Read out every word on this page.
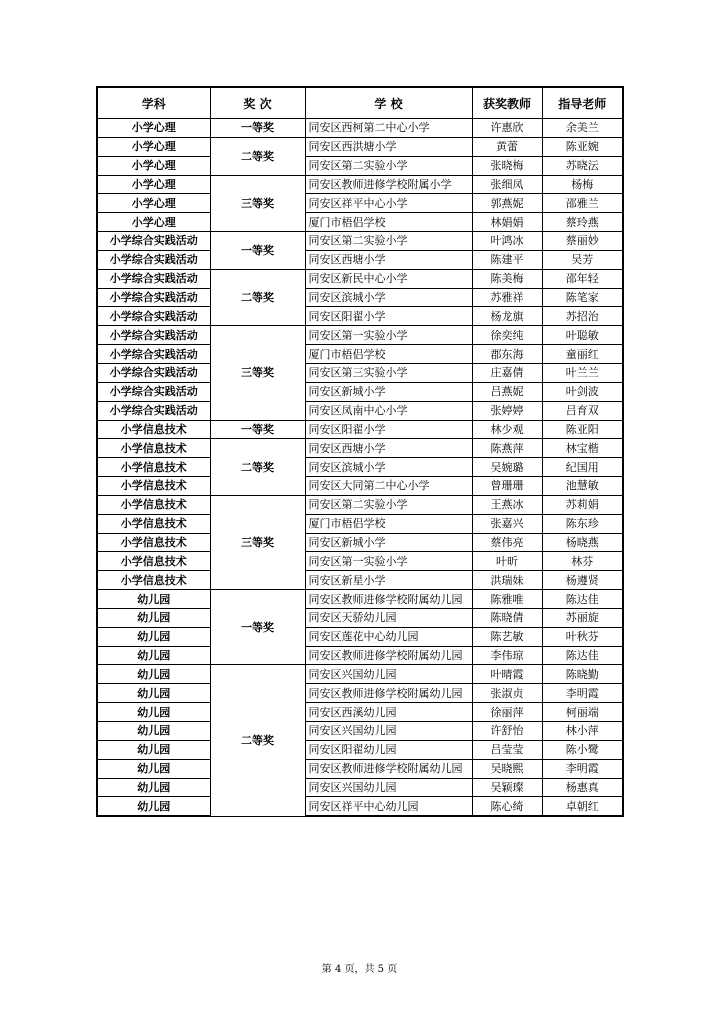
学科	奖 次	学 校	获奖教师	指导老师
小学心理	一等奖	同安区西柯第二中心小学	许惠欣	余美兰
小学心理	二等奖	同安区西洪塘小学	黄蕾	陈亚婉
小学心理		同安区第二实验小学	张晓梅	苏晓沄
小学心理	三等奖	同安区教师进修学校附属小学	张细凤	杨梅
小学心理		同安区祥平中心小学	郭燕妮	邵雅兰
小学心理		厦门市梧侣学校	林娟娟	蔡玲燕
小学综合实践活动	一等奖	同安区第二实验小学	叶鸿冰	蔡丽妙
小学综合实践活动		同安区西塘小学	陈建平	吴芳
小学综合实践活动	二等奖	同安区新民中心小学	陈美梅	邵年轻
小学综合实践活动		同安区滨城小学	苏雅祥	陈笔家
小学综合实践活动		同安区阳翟小学	杨龙旗	苏招治
小学综合实践活动	三等奖	同安区第一实验小学	徐奕纯	叶聪敏
小学综合实践活动		厦门市梧侣学校	郡东海	童丽红
小学综合实践活动		同安区第三实验小学	庄嘉倩	叶兰兰
小学综合实践活动		同安区新城小学	吕燕妮	叶剑波
小学综合实践活动		同安区凤南中心小学	张婷婷	吕育双
小学信息技术	一等奖	同安区阳翟小学	林少观	陈亚阳
小学信息技术	二等奖	同安区西塘小学	陈燕萍	林宝楷
小学信息技术		同安区滨城小学	吴婉璐	纪国用
小学信息技术		同安区大同第二中心小学	曾珊珊	池慧敏
小学信息技术	三等奖	同安区第二实验小学	王燕冰	苏莉娟
小学信息技术		厦门市梧侣学校	张嘉兴	陈东珍
小学信息技术		同安区新城小学	蔡伟亮	杨晓燕
小学信息技术		同安区第一实验小学	叶昕	林芬
小学信息技术		同安区新星小学	洪瑞妹	杨遵贤
幼儿园	一等奖	同安区教师进修学校附属幼儿园	陈雅唯	陈达佳
幼儿园		同安区天骄幼儿园	陈晓倩	苏丽旋
幼儿园		同安区莲花中心幼儿园	陈艺敏	叶秋芬
幼儿园		同安区教师进修学校附属幼儿园	李伟琼	陈达佳
幼儿园	二等奖	同安区兴国幼儿园	叶晴霞	陈晓勤
幼儿园		同安区教师进修学校附属幼儿园	张淑贞	李明霞
幼儿园		同安区西溪幼儿园	徐丽萍	柯丽端
幼儿园		同安区兴国幼儿园	许舒怡	林小萍
幼儿园		同安区阳翟幼儿园	吕莹莹	陈小鹭
幼儿园		同安区教师进修学校附属幼儿园	吴晓熙	李明霞
幼儿园		同安区兴国幼儿园	吴颖璨	杨惠真
幼儿园		同安区祥平中心幼儿园	陈心绮	卓朝红
第 4 页，共 5 页
